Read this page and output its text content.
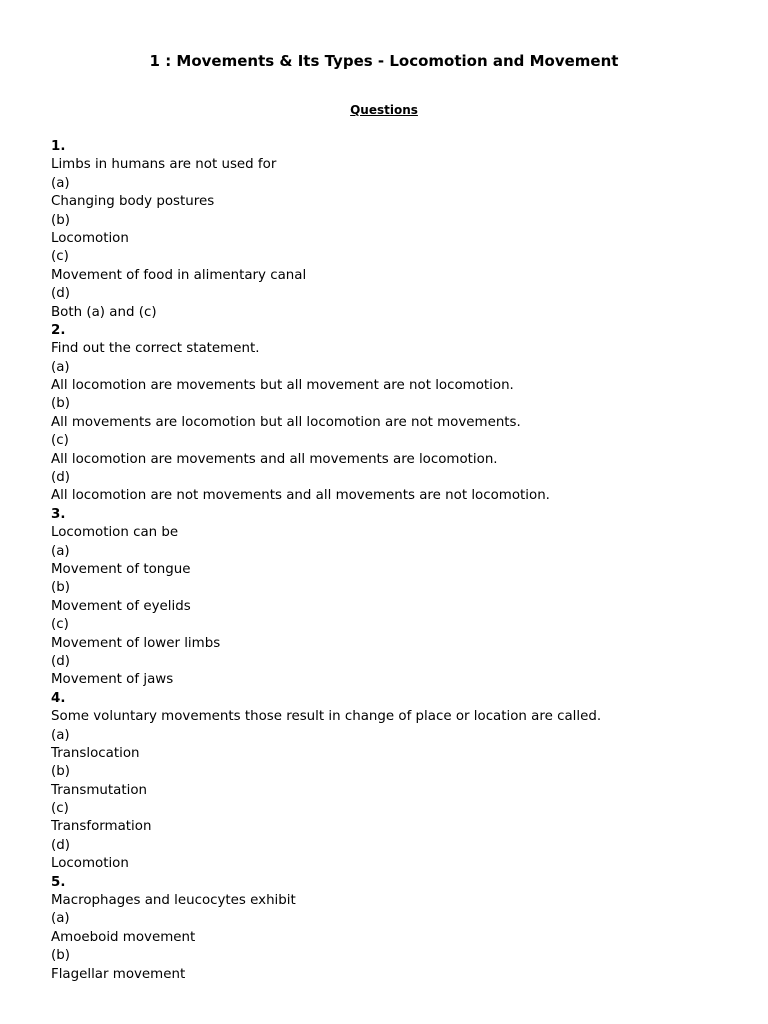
1 : Movements & Its Types - Locomotion and Movement
Questions
1.
Limbs in humans are not used for
(a)
Changing body postures
(b)
Locomotion
(c)
Movement of food in alimentary canal
(d)
Both (a) and (c)
2.
Find out the correct statement.
(a)
All locomotion are movements but all movement are not locomotion.
(b)
All movements are locomotion but all locomotion are not movements.
(c)
All locomotion are movements and all movements are locomotion.
(d)
All locomotion are not movements and all movements are not locomotion.
3.
Locomotion can be
(a)
Movement of tongue
(b)
Movement of eyelids
(c)
Movement of lower limbs
(d)
Movement of jaws
4.
Some voluntary movements those result in change of place or location are called.
(a)
Translocation
(b)
Transmutation
(c)
Transformation
(d)
Locomotion
5.
Macrophages and leucocytes exhibit
(a)
Amoeboid movement
(b)
Flagellar movement
